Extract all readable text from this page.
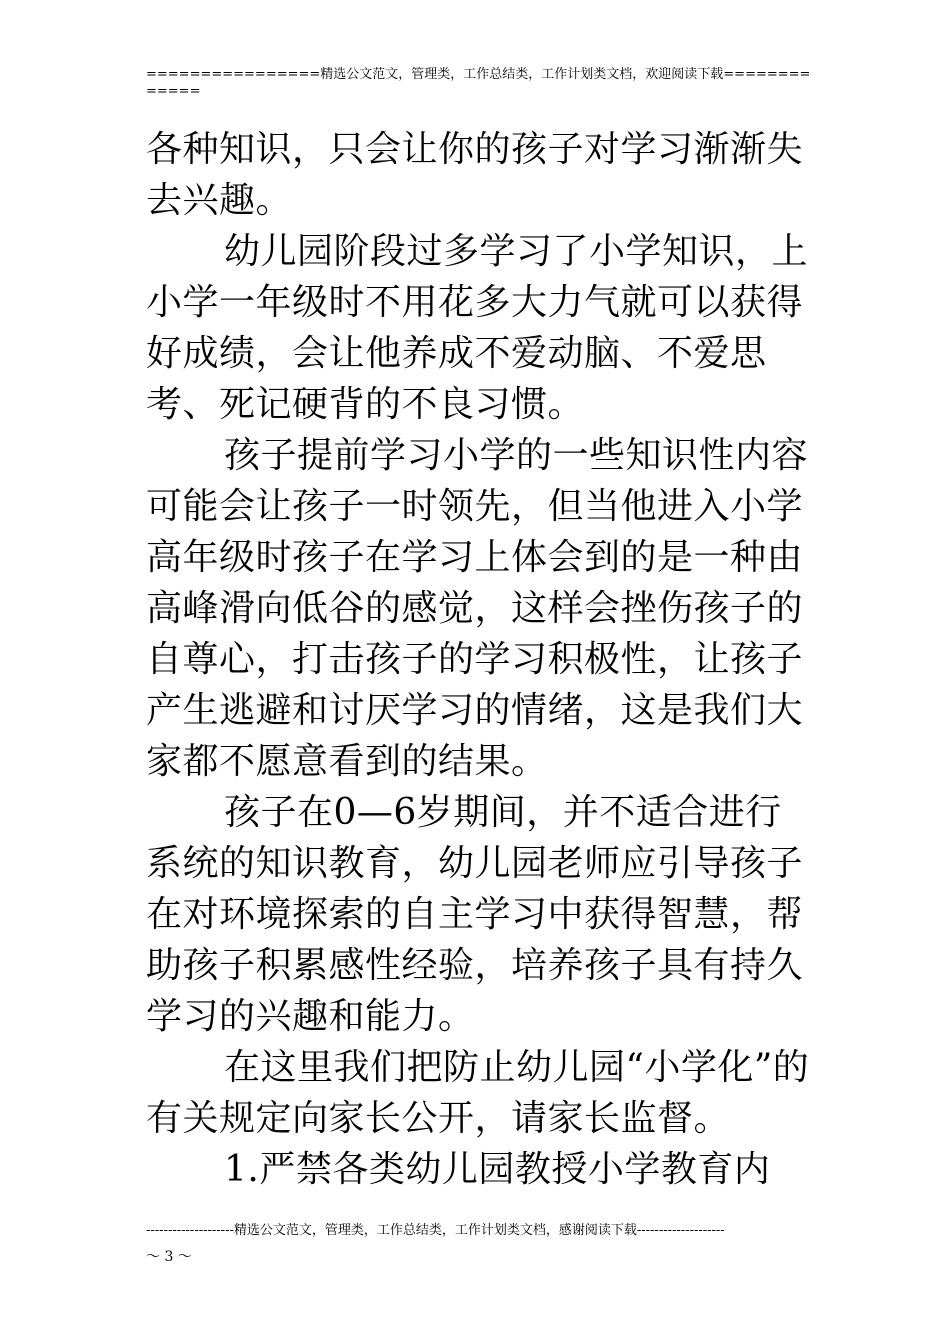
================精选公文范文，管理类，工作总结类，工作计划类文档，欢迎阅读下载=============

各种知识，只会让你的孩子对学习渐渐失去兴趣。

幼儿园阶段过多学习了小学知识，上小学一年级时不用花多大力气就可以获得好成绩，会让他养成不爱动脑、不爱思考、死记硬背的不良习惯。

孩子提前学习小学的一些知识性内容可能会让孩子一时领先，但当他进入小学高年级时孩子在学习上体会到的是一种由高峰滑向低谷的感觉，这样会挫伤孩子的自尊心，打击孩子的学习积极性，让孩子产生逃避和讨厌学习的情绪，这是我们大家都不愿意看到的结果。

孩子在0—6岁期间，并不适合进行系统的知识教育，幼儿园老师应引导孩子在对环境探索的自主学习中获得智慧，帮助孩子积累感性经验，培养孩子具有持久学习的兴趣和能力。

在这里我们把防止幼儿园“小学化”的有关规定向家长公开，请家长监督。

1.严禁各类幼儿园教授小学教育内

--------------------精选公文范文，管理类，工作总结类，工作计划类文档，感谢阅读下载--------------------
～ 3 ～
